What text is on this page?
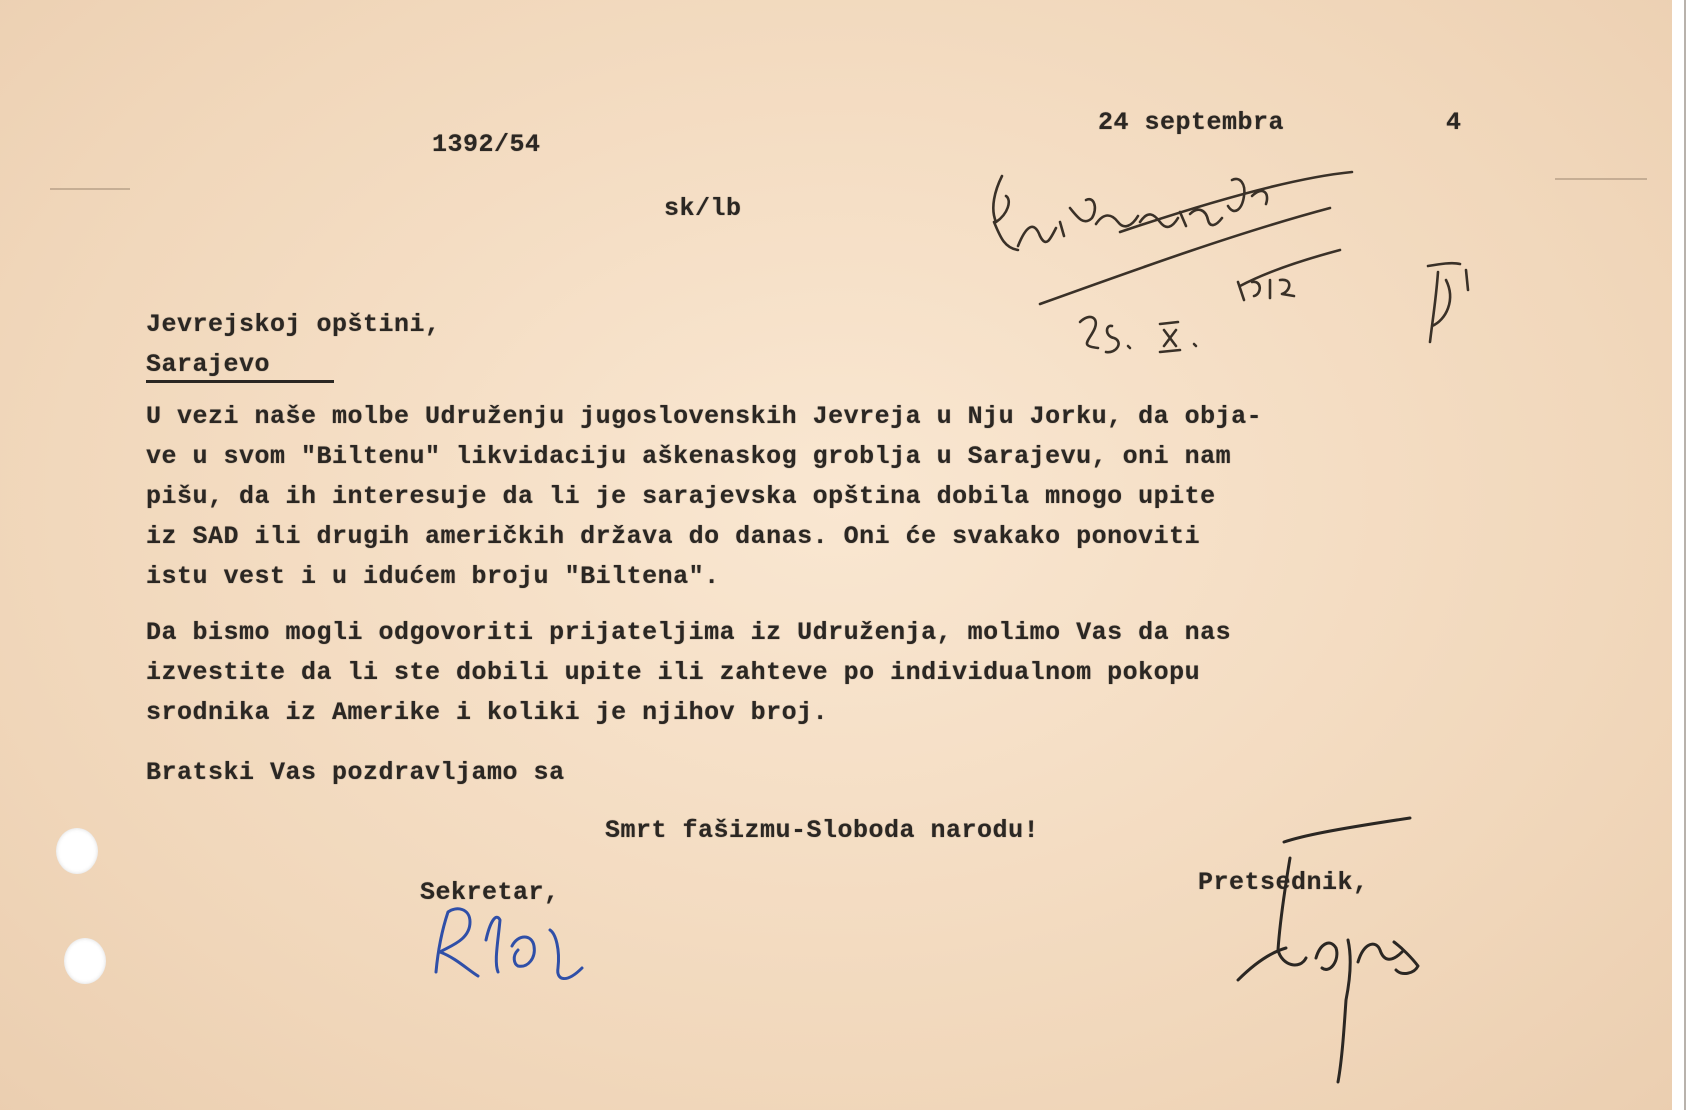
1392/54
24 septembra	4
sk/lb
Jevrejskoj opštini,
Sarajevo
U vezi naše molbe Udruženju jugoslovenskih Jevreja u Nju Jorku, da obja-
ve u svom "Biltenu" likvidaciju aškenaskog groblja u Sarajevu, oni nam
pišu, da ih interesuje da li je sarajevska opština dobila mnogo upite
iz SAD ili drugih američkih država do danas. Oni će svakako ponoviti
istu vest i u idućem broju "Biltena".
Da bismo mogli odgovoriti prijateljima iz Udruženja, molimo Vas da nas
izvestite da li ste dobili upite ili zahteve po individualnom pokopu
srodnika iz Amerike i koliki je njihov broj.
Bratski Vas pozdravljamo sa
Smrt fašizmu-Sloboda narodu!
Sekretar,	Pretsednik,
